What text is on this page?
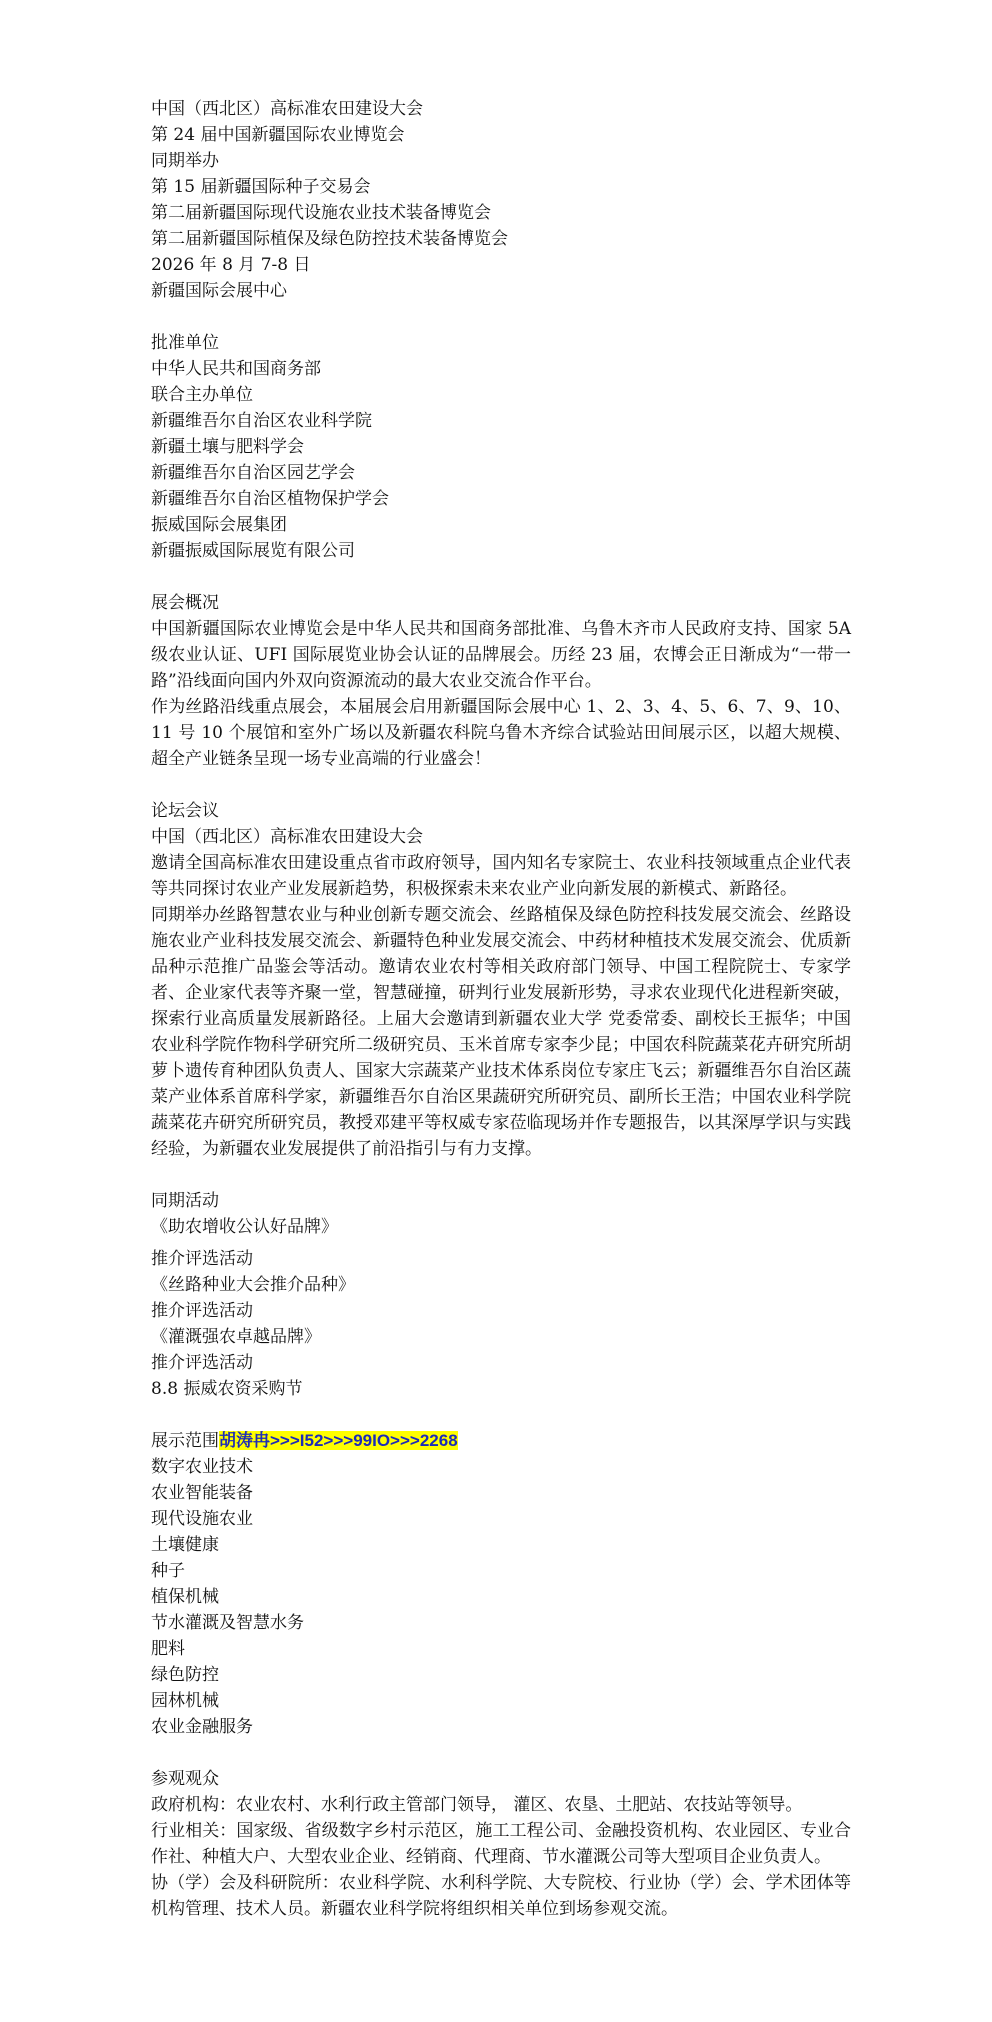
中国（西北区）高标准农田建设大会

第 24 届中国新疆国际农业博览会

同期举办

第 15 届新疆国际种子交易会

第二届新疆国际现代设施农业技术装备博览会

第二届新疆国际植保及绿色防控技术装备博览会

2026 年 8 月 7-8 日

新疆国际会展中心

批准单位

中华人民共和国商务部

联合主办单位

新疆维吾尔自治区农业科学院

新疆土壤与肥料学会

新疆维吾尔自治区园艺学会

新疆维吾尔自治区植物保护学会

振威国际会展集团

新疆振威国际展览有限公司

展会概况

中国新疆国际农业博览会是中华人民共和国商务部批准、乌鲁木齐市人民政府支持、国家 5A 级农业认证、UFI 国际展览业协会认证的品牌展会。历经 23 届，农博会正日渐成为“一带一路”沿线面向国内外双向资源流动的最大农业交流合作平台。

作为丝路沿线重点展会，本届展会启用新疆国际会展中心 1、2、3、4、5、6、7、9、10、11 号 10 个展馆和室外广场以及新疆农科院乌鲁木齐综合试验站田间展示区，以超大规模、超全产业链条呈现一场专业高端的行业盛会！

论坛会议

中国（西北区）高标准农田建设大会

邀请全国高标准农田建设重点省市政府领导，国内知名专家院士、农业科技领域重点企业代表等共同探讨农业产业发展新趋势，积极探索未来农业产业向新发展的新模式、新路径。

同期举办丝路智慧农业与种业创新专题交流会、丝路植保及绿色防控科技发展交流会、丝路设施农业产业科技发展交流会、新疆特色种业发展交流会、中药材种植技术发展交流会、优质新品种示范推广品鉴会等活动。邀请农业农村等相关政府部门领导、中国工程院院士、专家学者、企业家代表等齐聚一堂，智慧碰撞，研判行业发展新形势，寻求农业现代化进程新突破，探索行业高质量发展新路径。上届大会邀请到新疆农业大学 党委常委、副校长王振华；中国农业科学院作物科学研究所二级研究员、玉米首席专家李少昆；中国农科院蔬菜花卉研究所胡萝卜遗传育种团队负责人、国家大宗蔬菜产业技术体系岗位专家庄飞云；新疆维吾尔自治区蔬菜产业体系首席科学家，新疆维吾尔自治区果蔬研究所研究员、副所长王浩；中国农业科学院蔬菜花卉研究所研究员，教授邓建平等权威专家莅临现场并作专题报告，以其深厚学识与实践经验，为新疆农业发展提供了前沿指引与有力支撑。

同期活动

《助农增收公认好品牌》

推介评选活动

《丝路种业大会推介品种》

推介评选活动

《灌溉强农卓越品牌》

推介评选活动

8.8 振威农资采购节

展示范围胡涛冉>>>I52>>>99IO>>>2268

数字农业技术

农业智能装备

现代设施农业

土壤健康

种子

植保机械

节水灌溉及智慧水务

肥料

绿色防控

园林机械

农业金融服务

参观观众

政府机构：农业农村、水利行政主管部门领导， 灌区、农垦、土肥站、农技站等领导。

行业相关：国家级、省级数字乡村示范区，施工工程公司、金融投资机构、农业园区、专业合作社、种植大户、大型农业企业、经销商、代理商、节水灌溉公司等大型项目企业负责人。

协（学）会及科研院所：农业科学院、水利科学院、大专院校、行业协（学）会、学术团体等机构管理、技术人员。新疆农业科学院将组织相关单位到场参观交流。
